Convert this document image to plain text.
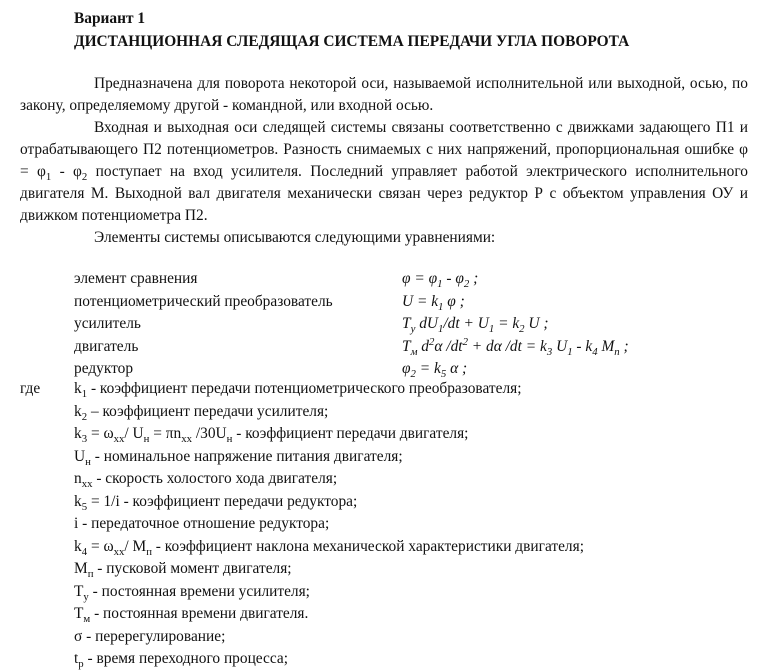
Вариант 1
ДИСТАНЦИОННАЯ СЛЕДЯЩАЯ СИСТЕМА ПЕРЕДАЧИ УГЛА ПОВОРОТА

Предназначена для поворота некоторой оси, называемой исполнительной или выходной, осью, по закону, определяемому другой - командной, или входной осью.

Входная и выходная оси следящей системы связаны соответственно с движками задающего П1 и отрабатывающего П2 потенциометров. Разность снимаемых с них напряжений, пропорциональная ошибке $\varphi = \varphi_1 - \varphi_2$ поступает на вход усилителя. Последний управляет работой электрического исполнительного двигателя М. Выходной вал двигателя механически связан через редуктор Р с объектом управления ОУ и движком потенциометра П2.

Элементы системы описываются следующими уравнениями:

элемент сравнения	$\varphi = \varphi_1 - \varphi_2$ ;
потенциометрический преобразователь	$U = k_1$ φ ;
усилитель	$T_у$ $dU_1/dt + U_1 = k_2$ U ;
двигатель	$T_м$ $d^2\alpha$ $/dt^2 + d\alpha$ $/dt = k_3$ $U_1 - k_4$ $M_п$ ;
редуктор	$\varphi_2 = k_5$ α ;
где $k_1$ - коэффициент передачи потенциометрического преобразователя;
$k_2$ – коэффициент передачи усилителя;
$k_3 = \omega_{xx}/$ $U_н = \pi n_{xx}$ $/30U_н$ - коэффициент передачи двигателя;
$U_н$ - номинальное напряжение питания двигателя;
$n_{xx}$ - скорость холостого хода двигателя;
$k_5 = 1/i$ - коэффициент передачи редуктора;
i - передаточное отношение редуктора;
$k_4 = \omega_{xx}/$ $M_п$ - коэффициент наклона механической характеристики двигателя;
$M_п$ - пусковой момент двигателя;
$T_у$ - постоянная времени усилителя;
$T_м$ - постоянная времени двигателя.
σ - перерегулирование;
$t_р$ - время переходного процесса;
